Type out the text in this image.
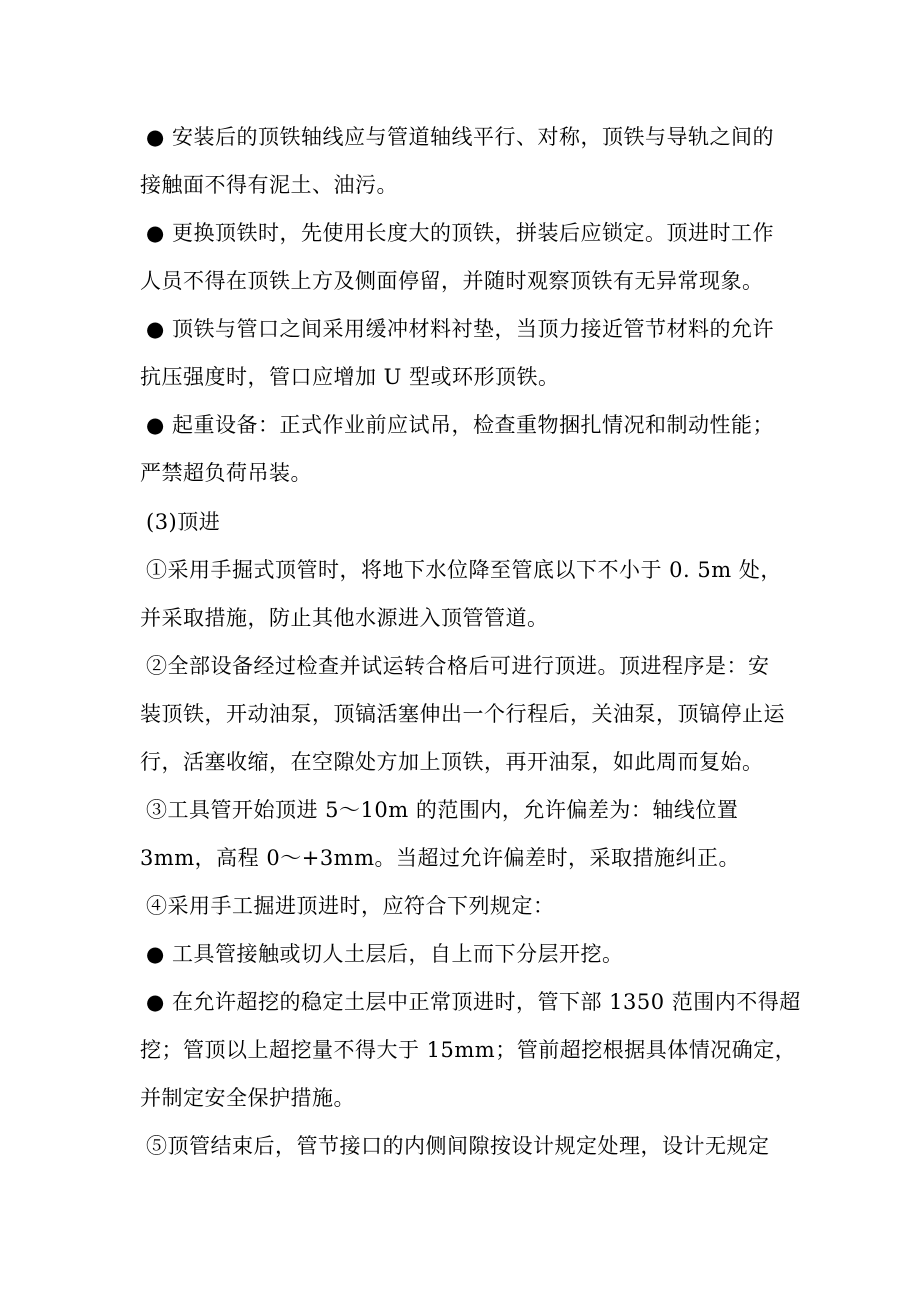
● 安装后的顶铁轴线应与管道轴线平行、对称，顶铁与导轨之间的
接触面不得有泥土、油污。
● 更换顶铁时，先使用长度大的顶铁，拼装后应锁定。顶进时工作
人员不得在顶铁上方及侧面停留，并随时观察顶铁有无异常现象。
● 顶铁与管口之间采用缓冲材料衬垫，当顶力接近管节材料的允许
抗压强度时，管口应增加 U 型或环形顶铁。
● 起重设备：正式作业前应试吊，检查重物捆扎情况和制动性能；
严禁超负荷吊装。
(3)顶进
①采用手掘式顶管时，将地下水位降至管底以下不小于 0. 5m 处，
并采取措施，防止其他水源进入顶管管道。
②全部设备经过检查并试运转合格后可进行顶进。顶进程序是：安
装顶铁，开动油泵，顶镐活塞伸出一个行程后，关油泵，顶镐停止运
行，活塞收缩，在空隙处方加上顶铁，再开油泵，如此周而复始。
③工具管开始顶进 5～10m 的范围内，允许偏差为：轴线位置
3mm，高程 0～+3mm。当超过允许偏差时，采取措施纠正。
④采用手工掘进顶进时，应符合下列规定：
● 工具管接触或切人土层后，自上而下分层开挖。
● 在允许超挖的稳定土层中正常顶进时，管下部 1350 范围内不得超
挖；管顶以上超挖量不得大于 15mm；管前超挖根据具体情况确定，
并制定安全保护措施。
⑤顶管结束后，管节接口的内侧间隙按设计规定处理，设计无规定
